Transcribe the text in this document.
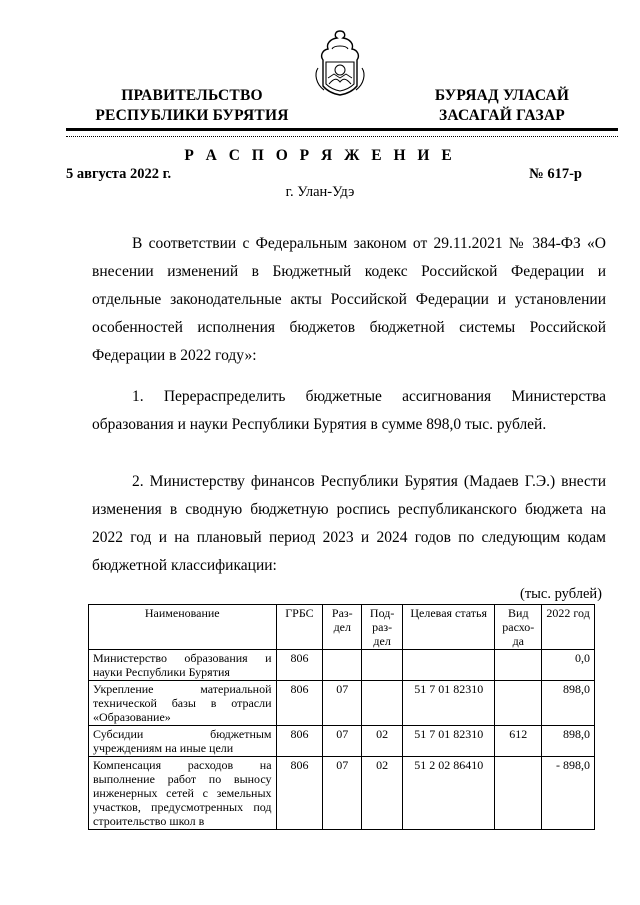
ПРАВИТЕЛЬСТВО
РЕСПУБЛИКИ БУРЯТИЯ
БУРЯАД УЛАСАЙ
ЗАСАГАЙ ГАЗАР
Р А С П О Р Я Ж Е Н И Е
5 августа 2022 г.	№ 617-р
г. Улан-Удэ
В соответствии с Федеральным законом от 29.11.2021 № 384-ФЗ «О внесении изменений в Бюджетный кодекс Российской Федерации и отдельные законодательные акты Российской Федерации и установлении особенностей исполнения бюджетов бюджетной системы Российской Федерации в 2022 году»:
1. Перераспределить бюджетные ассигнования Министерства образования и науки Республики Бурятия в сумме 898,0 тыс. рублей.
2. Министерству финансов Республики Бурятия (Мадаев Г.Э.) внести изменения в сводную бюджетную роспись республиканского бюджета на 2022 год и на плановый период 2023 и 2024 годов по следующим кодам бюджетной классификации:
(тыс. рублей)
Наименование	ГРБС	Раз-дел	Под-раз-дел	Целевая статья	Вид расхо-да	2022 год
Министерство образования и науки Республики Бурятия	806					0,0
Укрепление материальной технической базы в отрасли «Образование»	806	07		51 7 01 82310		898,0
Субсидии бюджетным учреждениям на иные цели	806	07	02	51 7 01 82310	612	898,0
Компенсация расходов на выполнение работ по выносу инженерных сетей с земельных участков, предусмотренных под строительство школ в	806	07	02	51 2 02 86410		- 898,0
